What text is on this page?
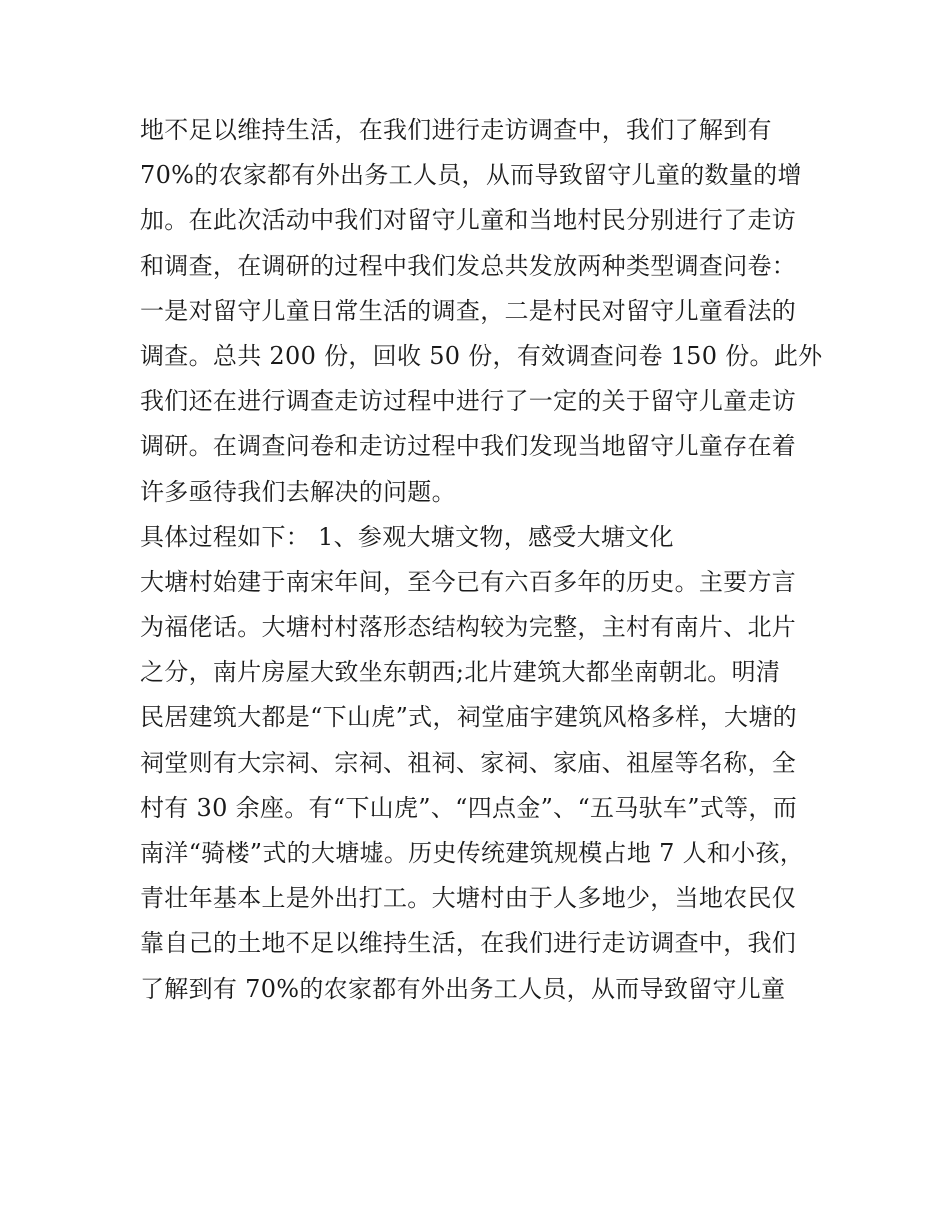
地不足以维持生活，在我们进行走访调查中，我们了解到有
70%的农家都有外出务工人员，从而导致留守儿童的数量的增
加。在此次活动中我们对留守儿童和当地村民分别进行了走访
和调查，在调研的过程中我们发总共发放两种类型调查问卷：
一是对留守儿童日常生活的调查，二是村民对留守儿童看法的
调查。总共 200 份，回收 50 份，有效调查问卷 150 份。此外
我们还在进行调查走访过程中进行了一定的关于留守儿童走访
调研。在调查问卷和走访过程中我们发现当地留守儿童存在着
许多亟待我们去解决的问题。
具体过程如下： 1、参观大塘文物，感受大塘文化
大塘村始建于南宋年间，至今已有六百多年的历史。主要方言
为福佬话。大塘村村落形态结构较为完整，主村有南片、北片
之分，南片房屋大致坐东朝西;北片建筑大都坐南朝北。明清
民居建筑大都是“下山虎”式，祠堂庙宇建筑风格多样，大塘的
祠堂则有大宗祠、宗祠、祖祠、家祠、家庙、祖屋等名称，全
村有 30 余座。有“下山虎”、“四点金”、“五马驮车”式等，而
南洋“骑楼”式的大塘墟。历史传统建筑规模占地 7 人和小孩，
青壮年基本上是外出打工。大塘村由于人多地少，当地农民仅
靠自己的土地不足以维持生活，在我们进行走访调查中，我们
了解到有 70%的农家都有外出务工人员，从而导致留守儿童
